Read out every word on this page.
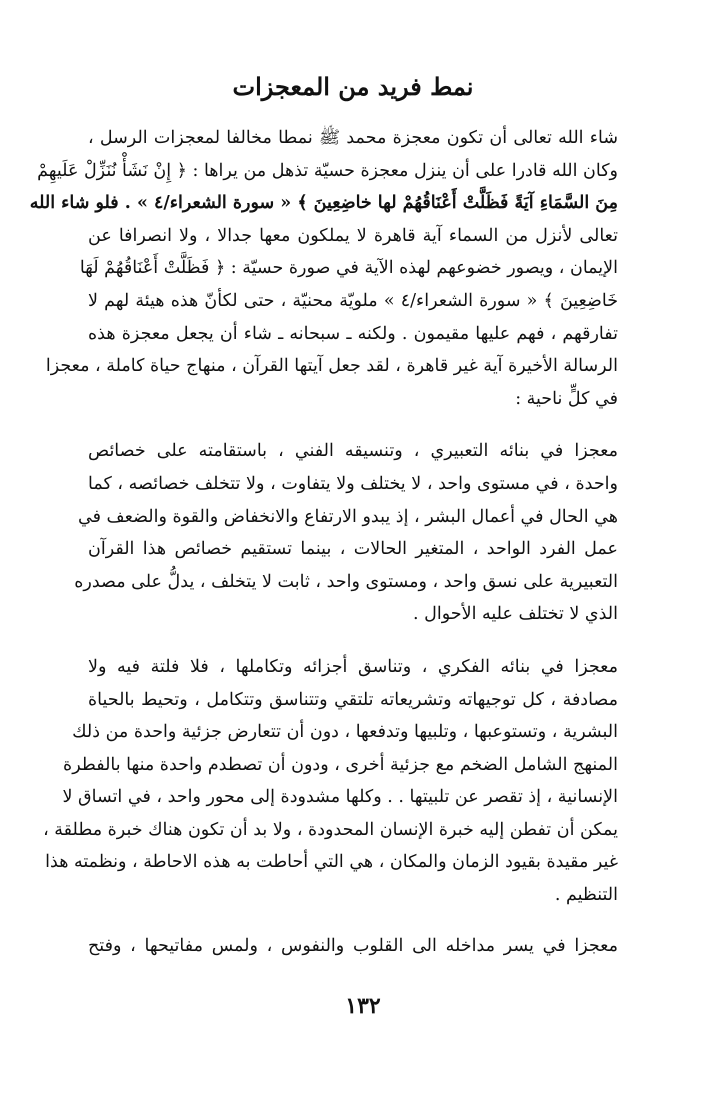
نمط فريد من المعجزات
شاء الله تعالى أن تكون معجزة محمد ﷺ نمطا مخالفا لمعجزات الرسل ،
وكان الله قادرا على أن ينزل معجزة حسيّة تذهل من يراها : ﴿ إِنْ نَشَأْ نُنَزِّلْ عَلَيهِمْ
مِنَ السَّمَاءِ آيَةً فَظَلَّتْ أَعْنَاقُهُمْ لها خاضِعِينَ ﴾ « سورة الشعراء/٤ » . فلو شاء الله
تعالى لأنزل من السماء آية قاهرة لا يملكون معها جدالا ، ولا انصرافا عن
الإيمان ، ويصور خضوعهم لهذه الآية في صورة حسيّة : ﴿ فَظَلَّتْ أَعْنَاقُهُمْ لَهَا
خَاضِعِينَ ﴾ « سورة الشعراء/٤ » ملويّة محنيّة ، حتى لكأنّ هذه هيئة لهم لا
تفارقهم ، فهم عليها مقيمون . ولكنه ـ سبحانه ـ شاء أن يجعل معجزة هذه
الرسالة الأخيرة آية غير قاهرة ، لقد جعل آيتها القرآن ، منهاج حياة كاملة ، معجزا
في كلٍّ ناحية :
معجزا في بنائه التعبيري ، وتنسيقه الفني ، باستقامته على خصائص
واحدة ، في مستوى واحد ، لا يختلف ولا يتفاوت ، ولا تتخلف خصائصه ، كما
هي الحال في أعمال البشر ، إذ يبدو الارتفاع والانخفاض والقوة والضعف في
عمل الفرد الواحد ، المتغير الحالات ، بينما تستقيم خصائص هذا القرآن
التعبيرية على نسق واحد ، ومستوى واحد ، ثابت لا يتخلف ، يدلُّ على مصدره
الذي لا تختلف عليه الأحوال .
معجزا في بنائه الفكري ، وتناسق أجزائه وتكاملها ، فلا فلتة فيه ولا
مصادفة ، كل توجيهاته وتشريعاته تلتقي وتتناسق وتتكامل ، وتحيط بالحياة
البشرية ، وتستوعبها ، وتلبيها وتدفعها ، دون أن تتعارض جزئية واحدة من ذلك
المنهج الشامل الضخم مع جزئية أخرى ، ودون أن تصطدم واحدة منها بالفطرة
الإنسانية ، إذ تقصر عن تلبيتها . . وكلها مشدودة إلى محور واحد ، في اتساق لا
يمكن أن تفطن إليه خبرة الإنسان المحدودة ، ولا بد أن تكون هناك خبرة مطلقة ،
غير مقيدة بقيود الزمان والمكان ، هي التي أحاطت به هذه الاحاطة ، ونظمته هذا
التنظيم .
معجزا في يسر مداخله الى القلوب والنفوس ، ولمس مفاتيحها ، وفتح
١٣٢
